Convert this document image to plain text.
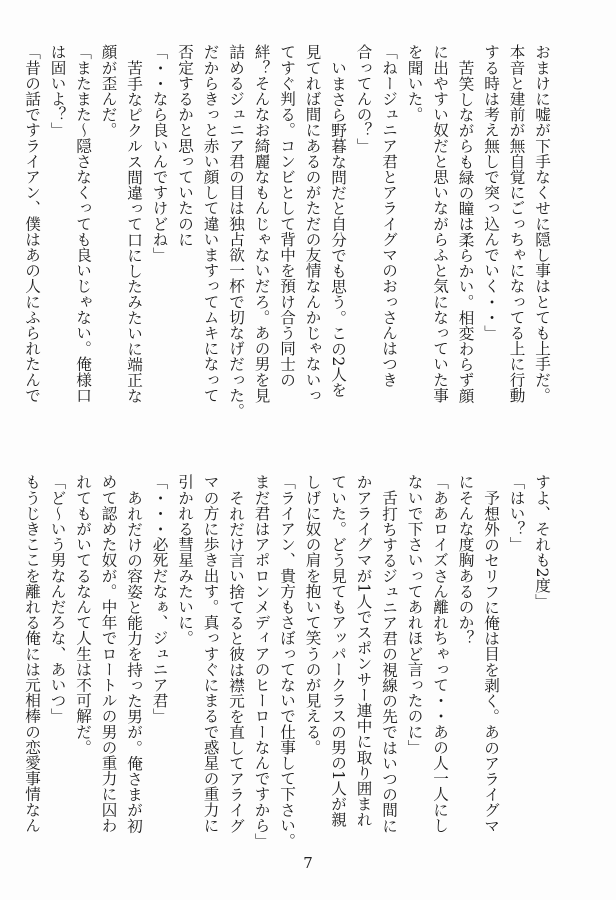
おまけに嘘が下手なくせに隠し事はとても上手だ。
本音と建前が無自覚にごっちゃになってる上に行動
する時は考え無しで突っ込んでいく・・」
苦笑しながらも緑の瞳は柔らかい。相変わらず顔
に出やすい奴だと思いながらふと気になっていた事
を聞いた。
「ねージュニア君とアライグマのおっさんはつき
合ってんの？」
いまさら野暮な問だと自分でも思う。この2人を
見てれば間にあるのがただの友情なんかじゃないっ
てすぐ判る。コンビとして背中を預け合う同士の
絆？そんなお綺麗なもんじゃないだろ。あの男を見
詰めるジュニア君の目は独占欲一杯で切なげだった。
だからきっと赤い顔して違いますってムキになって
否定するかと思っていたのに
「・・なら良いんですけどね」
苦手なピクルス間違って口にしたみたいに端正な
顔が歪んだ。
「またまた〜隠さなくっても良いじゃない。俺様口
は固いよ？」
「昔の話ですライアン、僕はあの人にふられたんで
すよ、それも2度」
「はい？」
予想外のセリフに俺は目を剥く。あのアライグマ
にそんな度胸あるのか？
「ああロイズさん離れちゃって・・あの人一人にし
ないで下さいってあれほど言ったのに」
舌打ちするジュニア君の視線の先ではいつの間に
かアライグマが1人でスポンサー連中に取り囲まれ
ていた。どう見てもアッパークラスの男の1人が親
しげに奴の肩を抱いて笑うのが見える。
「ライアン、貴方もさぼってないで仕事して下さい。
まだ君はアポロンメディアのヒーローなんですから」
それだけ言い捨てると彼は襟元を直してアライグ
マの方に歩き出す。真っすぐにまるで惑星の重力に
引かれる彗星みたいに。
「・・・必死だなぁ、ジュニア君」
あれだけの容姿と能力を持った男が。俺さまが初
めて認めた奴が。中年でロートルの男の重力に囚わ
れてもがいてるなんて人生は不可解だ。
「ど〜いう男なんだろな、あいつ」
もうじきここを離れる俺には元相棒の恋愛事情なん
7
